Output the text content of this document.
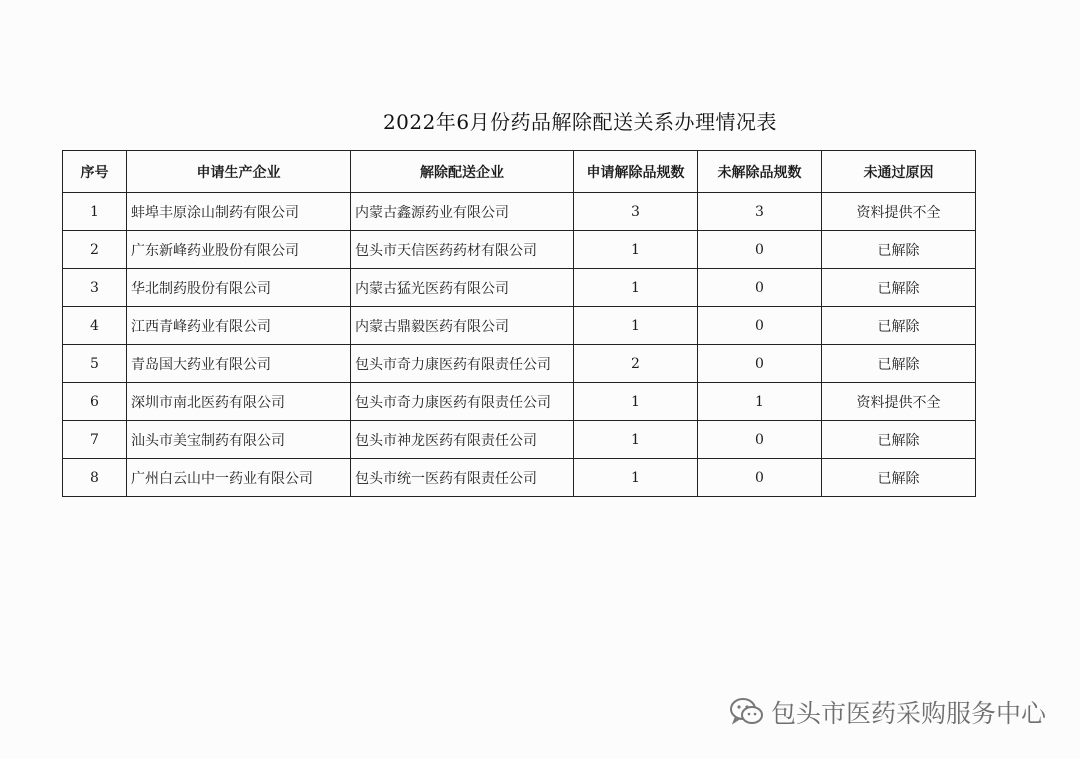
2022年6月份药品解除配送关系办理情况表
序号	申请生产企业	解除配送企业	申请解除品规数	未解除品规数	未通过原因
1	蚌埠丰原涂山制药有限公司	内蒙古鑫源药业有限公司	3	3	资料提供不全
2	广东新峰药业股份有限公司	包头市天信医药药材有限公司	1	0	已解除
3	华北制药股份有限公司	内蒙古猛光医药有限公司	1	0	已解除
4	江西青峰药业有限公司	内蒙古鼎毅医药有限公司	1	0	已解除
5	青岛国大药业有限公司	包头市奇力康医药有限责任公司	2	0	已解除
6	深圳市南北医药有限公司	包头市奇力康医药有限责任公司	1	1	资料提供不全
7	汕头市美宝制药有限公司	包头市神龙医药有限责任公司	1	0	已解除
8	广州白云山中一药业有限公司	包头市统一医药有限责任公司	1	0	已解除
包头市医药采购服务中心
